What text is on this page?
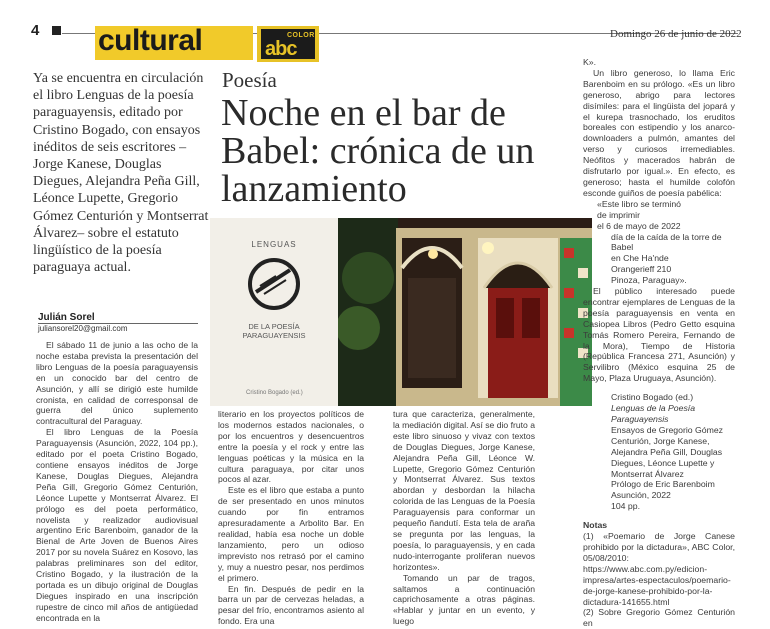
4 cultural	COLOR
abc
Domingo 26 de junio de 2022
Ya se encuentra en circulación el libro Lenguas de la poesía paraguayensis, editado por Cristino Bogado, con ensayos inéditos de seis escritores –Jorge Kanese, Douglas Diegues, Alejandra Peña Gill, Léonce Lupette, Gregorio Gómez Centurión y Montserrat Álvarez– sobre el estatuto lingüístico de la poesía paraguaya actual.
Julián Sorel
juliansorel20@gmail.com
Poesía
Noche en el bar de Babel: crónica de un lanzamiento
LENGUAS
DE LA POESÍA
PARAGUAYENSIS
Cristino Bogado (ed.)

El sábado 11 de junio a las ocho de la noche estaba prevista la presentación del libro Lenguas de la poesía paraguayensis en un conocido bar del centro de Asunción, y allí se dirigió este humilde cronista, en calidad de corresponsal de guerra del único suplemento contracultural del Paraguay.

El libro Lenguas de la Poesía Paraguayensis (Asunción, 2022, 104 pp.), editado por el poeta Cristino Bogado, contiene ensayos inéditos de Jorge Kanese, Douglas Diegues, Alejandra Peña Gill, Gregorio Gómez Centurión, Léonce Lupette y Montserrat Álvarez. El prólogo es del poeta performático, novelista y realizador audiovisual argentino Eric Barenboim, ganador de la Bienal de Arte Joven de Buenos Aires 2017 por su novela Suárez en Kosovo, las palabras preliminares son del editor, Cristino Bogado, y la ilustración de la portada es un dibujo original de Douglas Diegues inspirado en una inscripción rupestre de cinco mil años de antigüedad encontrada en la

literario en los proyectos políticos de los modernos estados nacionales, o por los encuentros y desencuentros entre la poesía y el rock y entre las lenguas poéticas y la música en la cultura paraguaya, por citar unos pocos al azar.

Este es el libro que estaba a punto de ser presentado en unos minutos cuando por fin entramos apresuradamente a Arbolito Bar. En realidad, había esa noche un doble lanzamiento, pero un odioso imprevisto nos retrasó por el camino y, muy a nuestro pesar, nos perdimos el primero.

En fin. Después de pedir en la barra un par de cervezas heladas, a pesar del frío, encontramos asiento al fondo. Era una

tura que caracteriza, generalmente, la mediación digital. Así se dio fruto a este libro sinuoso y vivaz con textos de Douglas Diegues, Jorge Kanese, Alejandra Peña Gill, Léonce W. Lupette, Gregorio Gómez Centurión y Montserrat Álvarez. Sus textos abordan y desbordan la hilacha colorida de las Lenguas de la Poesía Paraguayensis para conformar un pequeño ñandutí. Esta tela de araña se pregunta por las lenguas, la poesía, lo paraguayensis, y en cada nudo-interrogante proliferan nuevos horizontes».

Tomando un par de tragos, saltamos a continuación caprichosamente a otras páginas. «Hablar y juntar en un evento, y luego

K».

Un libro generoso, lo llama Eric Barenboim en su prólogo. «Es un libro generoso, abrigo para lectores disímiles: para el lingüista del jopará y el kurepa trasnochado, los eruditos boreales con estipendio y los anarco-downloaders a pulmón, amantes del verso y curiosos irremediables. Neófitos y macerados habrán de disfrutarlo por igual.». En efecto, es generoso; hasta el humilde colofón esconde guiños de poesía pabélica:

«Este libro se terminó
de imprimir
el 6 de mayo de 2022
día de la caída de la torre de Babel
en Che Ha'nde
Orangerieff 210
Pinoza, Paraguay».

El público interesado puede encontrar ejemplares de Lenguas de la poesía paraguayensis en venta en Casiopea Libros (Pedro Getto esquina Tomás Romero Pereira, Fernando de la Mora), Tiempo de Historia (República Francesa 271, Asunción) y Servilibro (México esquina 25 de Mayo, Plaza Uruguaya, Asunción).

Cristino Bogado (ed.)
Lenguas de la Poesía Paraguayensis
Ensayos de Gregorio Gómez Centurión, Jorge Kanese, Alejandra Peña Gill, Douglas Diegues, Léonce Lupette y Montserrat Álvarez
Prólogo de Eric Barenboim
Asunción, 2022
104 pp.
Notas

(1) «Poemario de Jorge Canese prohibido por la dictadura», ABC Color, 05/08/2010: https://www.abc.com.py/edicion-impresa/artes-espectaculos/poemario-de-jorge-kanese-prohibido-por-la-dictadura-141655.html

(2) Sobre Gregorio Gómez Centurión en
